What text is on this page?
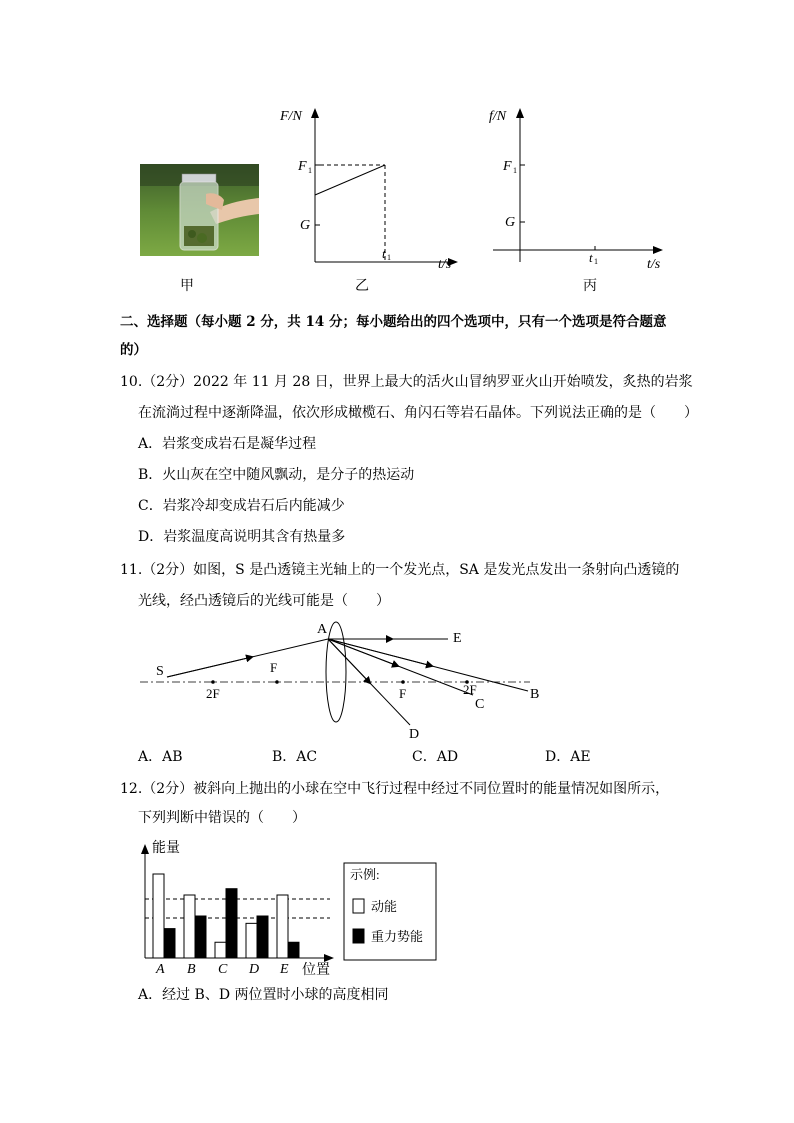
甲
F/N
t/s
F 1
G
t 1
乙
f/N
t/s
F 1
G
t 1
丙
二、选择题（每小题 2 分，共 14 分；每小题给出的四个选项中，只有一个选项是符合题意
的）
10.（2分）2022 年 11 月 28 日，世界上最大的活火山冒纳罗亚火山开始喷发，炙热的岩浆
在流淌过程中逐渐降温，依次形成橄榄石、角闪石等岩石晶体。下列说法正确的是（　　）
A．岩浆变成岩石是凝华过程
B．火山灰在空中随风飘动，是分子的热运动
C．岩浆冷却变成岩石后内能减少
D．岩浆温度高说明其含有热量多
11.（2分）如图，S 是凸透镜主光轴上的一个发光点，SA 是发光点发出一条射向凸透镜的
光线，经凸透镜后的光线可能是（　　）
S
A
E
F
2F	F	2F	B
C
D
A．AB	B．AC	C．AD	D．AE
12.（2分）被斜向上抛出的小球在空中飞行过程中经过不同位置时的能量情况如图所示，
下列判断中错误的（　　）
能量
位置
A B C D E
示例:
动能
重力势能
A．经过 B、D 两位置时小球的高度相同
